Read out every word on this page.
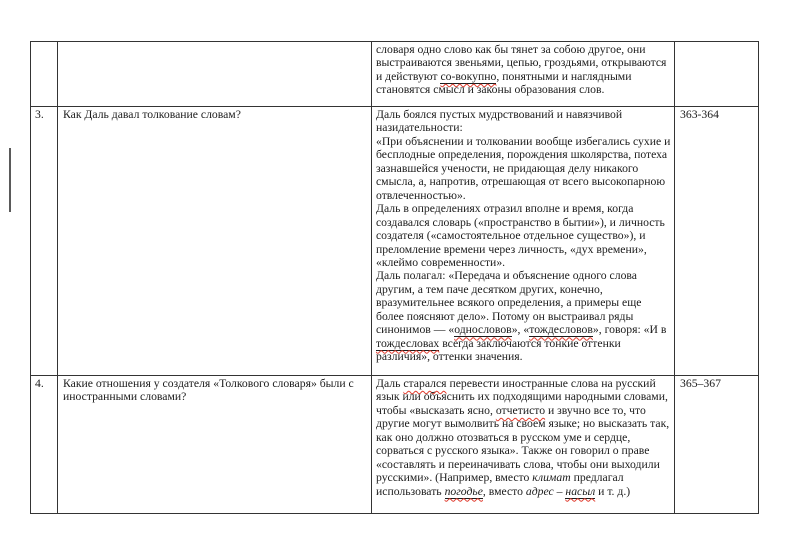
		словаря одно слово как бы тянет за собою другое, они выстраиваются звеньями, цепью, гроздьями, открываются и действуют со-вокупно, понятными и наглядными становятся смысл и законы образования слов.	

3.	Как Даль давал толкование словам?	Даль боялся пустых мудрствований и навязчивой назидательности:
«При объяснении и толковании вообще избегались сухие и бесплодные определения, порождения школярства, потеха зазнавшейся учености, не придающая делу никакого смысла, а, напротив, отрешающая от всего высокопарною отвлеченностью».
Даль в определениях отразил вполне и время, когда создавался словарь («пространство в бытии»), и личность создателя («самостоятельное отдельное существо»), и преломление времени через личность, «дух времени», «клеймо современности».
Даль полагал: «Передача и объяснение одного слова другим, а тем паче десятком других, конечно, вразумительнее всякого определения, а примеры еще более поясняют дело». Потому он выстраивал ряды синонимов — «однословов», «тождесловов», говоря: «И в тождесловах всегда заключаются тонкие оттенки различия», оттенки значения.	363-364
4.	Какие отношения у создателя «Толкового словаря» были с иностранными словами?	Даль старался перевести иностранные слова на русский язык или объяснить их подходящими народными словами, чтобы «высказать ясно, отчетисто и звучно все то, что другие могут вымолвить на своем языке; но высказать так, как оно должно отозваться в русском уме и сердце, сорваться с русского языка». Также он говорил о праве «составлять и переиначивать слова, чтобы они выходили русскими». (Например, вместо климат предлагал использовать погодье, вместо адрес – насыл и т. д.)	365–367
